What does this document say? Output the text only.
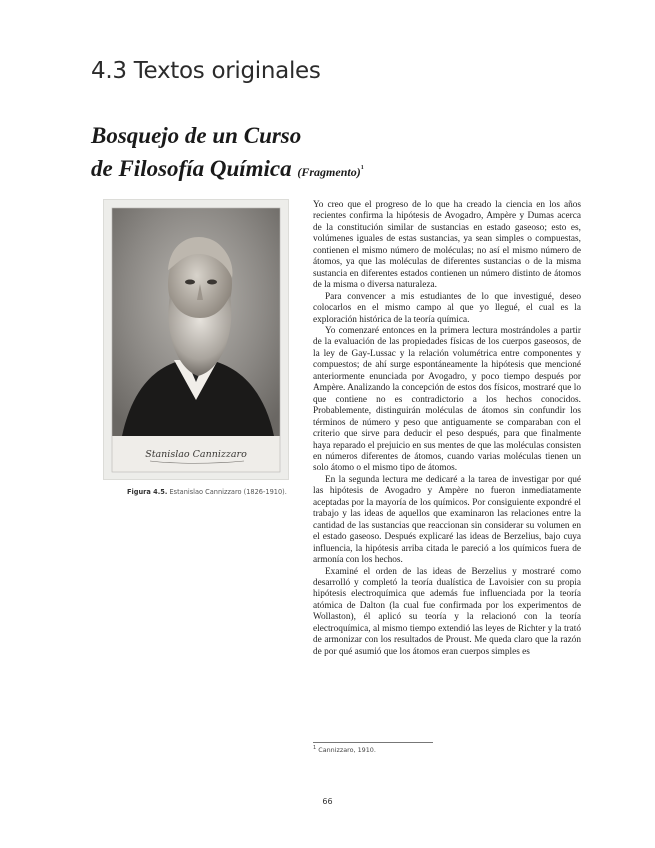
4.3 Textos originales
Bosquejo de un Curso
de Filosofía Química (Fragmento)$^1$
Stanislao Cannizzaro

Figura 4.5. Estanislao Cannizzaro (1826-1910).

Yo creo que el progreso de lo que ha creado la ciencia en los años recientes confirma la hipótesis de Avogadro, Ampère y Dumas acerca de la constitución similar de sustancias en estado gaseoso; esto es, volúmenes iguales de estas sustancias, ya sean simples o compuestas, contienen el mismo número de moléculas; no así el mismo número de átomos, ya que las moléculas de diferentes sustancias o de la misma sustancia en diferentes estados contienen un número distinto de átomos de la misma o diversa naturaleza.

Para convencer a mis estudiantes de lo que investigué, deseo colocarlos en el mismo campo al que yo llegué, el cual es la exploración histórica de la teoría química.

Yo comenzaré entonces en la primera lectura mostrándoles a partir de la evaluación de las propiedades físicas de los cuerpos gaseosos, de la ley de Gay-Lussac y la relación volumétrica entre componentes y compuestos; de ahí surge espontáneamente la hipótesis que mencioné anteriormente enunciada por Avogadro, y poco tiempo después por Ampère. Analizando la concepción de estos dos físicos, mostraré que lo que contiene no es contradictorio a los hechos conocidos. Probablemente, distinguirán moléculas de átomos sin confundir los términos de número y peso que antiguamente se comparaban con el criterio que sirve para deducir el peso después, para que finalmente haya reparado el prejuicio en sus mentes de que las moléculas consisten en números diferentes de átomos, cuando varias moléculas tienen un solo átomo o el mismo tipo de átomos.

En la segunda lectura me dedicaré a la tarea de investigar por qué las hipótesis de Avogadro y Ampère no fueron inmediatamente aceptadas por la mayoría de los químicos. Por consiguiente expondré el trabajo y las ideas de aquellos que examinaron las relaciones entre la cantidad de las sustancias que reaccionan sin considerar su volumen en el estado gaseoso. Después explicaré las ideas de Berzelius, bajo cuya influencia, la hipótesis arriba citada le pareció a los químicos fuera de armonía con los hechos.

Examiné el orden de las ideas de Berzelius y mostraré como desarrolló y completó la teoría dualística de Lavoisier con su propia hipótesis electroquímica que además fue influenciada por la teoría atómica de Dalton (la cual fue confirmada por los experimentos de Wollaston), él aplicó su teoría y la relacionó con la teoría electroquímica, al mismo tiempo extendió las leyes de Richter y la trató de armonizar con los resultados de Proust. Me queda claro que la razón de por qué asumió que los átomos eran cuerpos simples es

$^1$ Cannizzaro, 1910.

66
